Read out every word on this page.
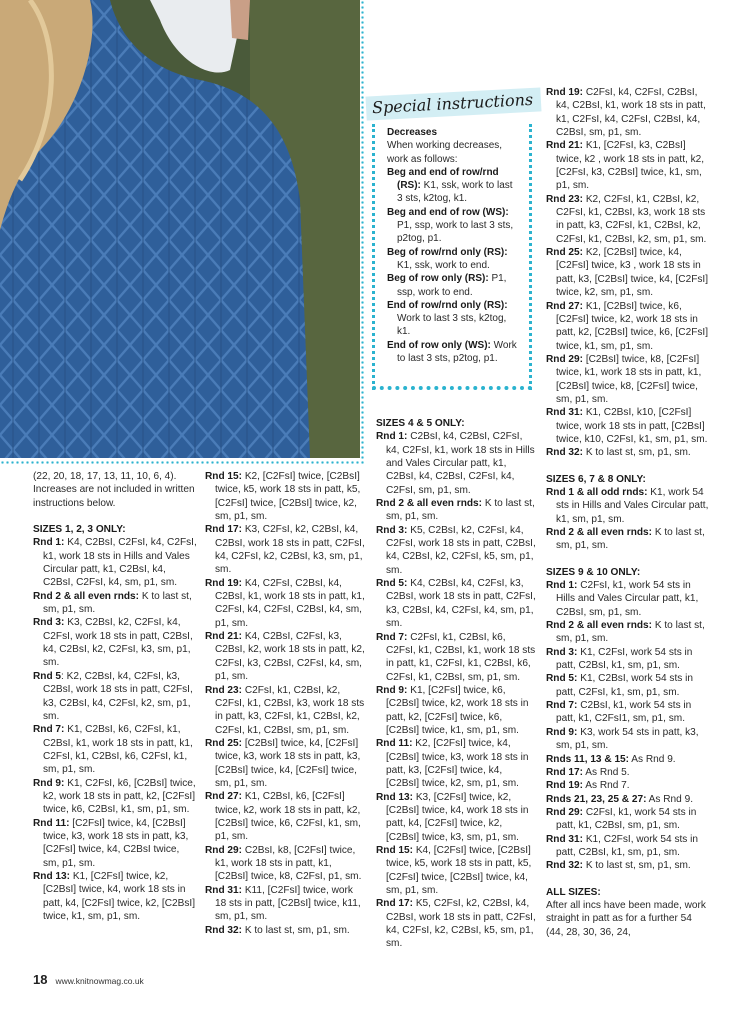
Special instructions

Decreases

When working decreases, work as follows:

Beg and end of row/rnd (RS): K1, ssk, work to last 3 sts, k2tog, k1.

Beg and end of row (WS): P1, ssp, work to last 3 sts, p2tog, p1.

Beg of row/rnd only (RS): K1, ssk, work to end.

Beg of row only (RS): P1, ssp, work to end.

End of row/rnd only (RS): Work to last 3 sts, k2tog, k1.

End of row only (WS): Work to last 3 sts, p2tog, p1.

(22, 20, 18, 17, 13, 11, 10, 6, 4). Increases are not included in written instructions below.

SIZES 1, 2, 3 ONLY:

Rnd 1: K4, C2BsI, C2FsI, k4, C2FsI, k1, work 18 sts in Hills and Vales Circular patt, k1, C2BsI, k4, C2BsI, C2FsI, k4, sm, p1, sm.

Rnd 2 & all even rnds: K to last st, sm, p1, sm.

Rnd 3: K3, C2BsI, k2, C2FsI, k4, C2FsI, work 18 sts in patt, C2BsI, k4, C2BsI, k2, C2FsI, k3, sm, p1, sm.

Rnd 5: K2, C2BsI, k4, C2FsI, k3, C2BsI, work 18 sts in patt, C2FsI, k3, C2BsI, k4, C2FsI, k2, sm, p1, sm.

Rnd 7: K1, C2BsI, k6, C2FsI, k1, C2BsI, k1, work 18 sts in patt, k1, C2FsI, k1, C2BsI, k6, C2FsI, k1, sm, p1, sm.

Rnd 9: K1, C2FsI, k6, [C2BsI] twice, k2, work 18 sts in patt, k2, [C2FsI] twice, k6, C2BsI, k1, sm, p1, sm.

Rnd 11: [C2FsI] twice, k4, [C2BsI] twice, k3, work 18 sts in patt, k3, [C2FsI] twice, k4, C2BsI twice, sm, p1, sm.

Rnd 13: K1, [C2FsI] twice, k2, [C2BsI] twice, k4, work 18 sts in patt, k4, [C2FsI] twice, k2, [C2BsI] twice, k1, sm, p1, sm.

Rnd 15: K2, [C2FsI] twice, [C2BsI] twice, k5, work 18 sts in patt, k5, [C2FsI] twice, [C2BsI] twice, k2, sm, p1, sm.

Rnd 17: K3, C2FsI, k2, C2BsI, k4, C2BsI, work 18 sts in patt, C2FsI, k4, C2FsI, k2, C2BsI, k3, sm, p1, sm.

Rnd 19: K4, C2FsI, C2BsI, k4, C2BsI, k1, work 18 sts in patt, k1, C2FsI, k4, C2FsI, C2BsI, k4, sm, p1, sm.

Rnd 21: K4, C2BsI, C2FsI, k3, C2BsI, k2, work 18 sts in patt, k2, C2FsI, k3, C2BsI, C2FsI, k4, sm, p1, sm.

Rnd 23: C2FsI, k1, C2BsI, k2, C2FsI, k1, C2BsI, k3, work 18 sts in patt, k3, C2FsI, k1, C2BsI, k2, C2FsI, k1, C2BsI, sm, p1, sm.

Rnd 25: [C2BsI] twice, k4, [C2FsI] twice, k3, work 18 sts in patt, k3, [C2BsI] twice, k4, [C2FsI] twice, sm, p1, sm.

Rnd 27: K1, C2BsI, k6, [C2FsI] twice, k2, work 18 sts in patt, k2, [C2BsI] twice, k6, C2FsI, k1, sm, p1, sm.

Rnd 29: C2BsI, k8, [C2FsI] twice, k1, work 18 sts in patt, k1, [C2BsI] twice, k8, C2FsI, p1, sm.

Rnd 31: K11, [C2FsI] twice, work 18 sts in patt, [C2BsI] twice, k11, sm, p1, sm.

Rnd 32: K to last st, sm, p1, sm.

SIZES 4 & 5 ONLY:

Rnd 1: C2BsI, k4, C2BsI, C2FsI, k4, C2FsI, k1, work 18 sts in Hills and Vales Circular patt, k1, C2BsI, k4, C2BsI, C2FsI, k4, C2FsI, sm, p1, sm.

Rnd 2 & all even rnds: K to last st, sm, p1, sm.

Rnd 3: K5, C2BsI, k2, C2FsI, k4, C2FsI, work 18 sts in patt, C2BsI, k4, C2BsI, k2, C2FsI, k5, sm, p1, sm.

Rnd 5: K4, C2BsI, k4, C2FsI, k3, C2BsI, work 18 sts in patt, C2FsI, k3, C2BsI, k4, C2FsI, k4, sm, p1, sm.

Rnd 7: C2FsI, k1, C2BsI, k6, C2FsI, k1, C2BsI, k1, work 18 sts in patt, k1, C2FsI, k1, C2BsI, k6, C2FsI, k1, C2BsI, sm, p1, sm.

Rnd 9: K1, [C2FsI] twice, k6, [C2BsI] twice, k2, work 18 sts in patt, k2, [C2FsI] twice, k6, [C2BsI] twice, k1, sm, p1, sm.

Rnd 11: K2, [C2FsI] twice, k4, [C2BsI] twice, k3, work 18 sts in patt, k3, [C2FsI] twice, k4, [C2BsI] twice, k2, sm, p1, sm.

Rnd 13: K3, [C2FsI] twice, k2, [C2BsI] twice, k4, work 18 sts in patt, k4, [C2FsI] twice, k2, [C2BsI] twice, k3, sm, p1, sm.

Rnd 15: K4, [C2FsI] twice, [C2BsI] twice, k5, work 18 sts in patt, k5, [C2FsI] twice, [C2BsI] twice, k4, sm, p1, sm.

Rnd 17: K5, C2FsI, k2, C2BsI, k4, C2BsI, work 18 sts in patt, C2FsI, k4, C2FsI, k2, C2BsI, k5, sm, p1, sm.

Rnd 19: C2FsI, k4, C2FsI, C2BsI, k4, C2BsI, k1, work 18 sts in patt, k1, C2FsI, k4, C2FsI, C2BsI, k4, C2BsI, sm, p1, sm.

Rnd 21: K1, [C2FsI, k3, C2BsI] twice, k2 , work 18 sts in patt, k2, [C2FsI, k3, C2BsI] twice, k1, sm, p1, sm.

Rnd 23: K2, C2FsI, k1, C2BsI, k2, C2FsI, k1, C2BsI, k3, work 18 sts in patt, k3, C2FsI, k1, C2BsI, k2, C2FsI, k1, C2BsI, k2, sm, p1, sm.

Rnd 25: K2, [C2BsI] twice, k4, [C2FsI] twice, k3 , work 18 sts in patt, k3, [C2BsI] twice, k4, [C2FsI] twice, k2, sm, p1, sm.

Rnd 27: K1, [C2BsI] twice, k6, [C2FsI] twice, k2, work 18 sts in patt, k2, [C2BsI] twice, k6, [C2FsI] twice, k1, sm, p1, sm.

Rnd 29: [C2BsI] twice, k8, [C2FsI] twice, k1, work 18 sts in patt, k1, [C2BsI] twice, k8, [C2FsI] twice, sm, p1, sm.

Rnd 31: K1, C2BsI, k10, [C2FsI] twice, work 18 sts in patt, [C2BsI] twice, k10, C2FsI, k1, sm, p1, sm.

Rnd 32: K to last st, sm, p1, sm.

SIZES 6, 7 & 8 ONLY:

Rnd 1 & all odd rnds: K1, work 54 sts in Hills and Vales Circular patt, k1, sm, p1, sm.

Rnd 2 & all even rnds: K to last st, sm, p1, sm.

SIZES 9 & 10 ONLY:

Rnd 1: C2FsI, k1, work 54 sts in Hills and Vales Circular patt, k1, C2BsI, sm, p1, sm.

Rnd 2 & all even rnds: K to last st, sm, p1, sm.

Rnd 3: K1, C2FsI, work 54 sts in patt, C2BsI, k1, sm, p1, sm.

Rnd 5: K1, C2BsI, work 54 sts in patt, C2FsI, k1, sm, p1, sm.

Rnd 7: C2BsI, k1, work 54 sts in patt, k1, C2FsI1, sm, p1, sm.

Rnd 9: K3, work 54 sts in patt, k3, sm, p1, sm.

Rnds 11, 13 & 15: As Rnd 9.

Rnd 17: As Rnd 5.

Rnd 19: As Rnd 7.

Rnds 21, 23, 25 & 27: As Rnd 9.

Rnd 29: C2FsI, k1, work 54 sts in patt, k1, C2BsI, sm, p1, sm.

Rnd 31: K1, C2FsI, work 54 sts in patt, C2BsI, k1, sm, p1, sm.

Rnd 32: K to last st, sm, p1, sm.

ALL SIZES:

After all incs have been made, work straight in patt as for a further 54 (44, 28, 30, 36, 24,

18 www.knitnowmag.co.uk
